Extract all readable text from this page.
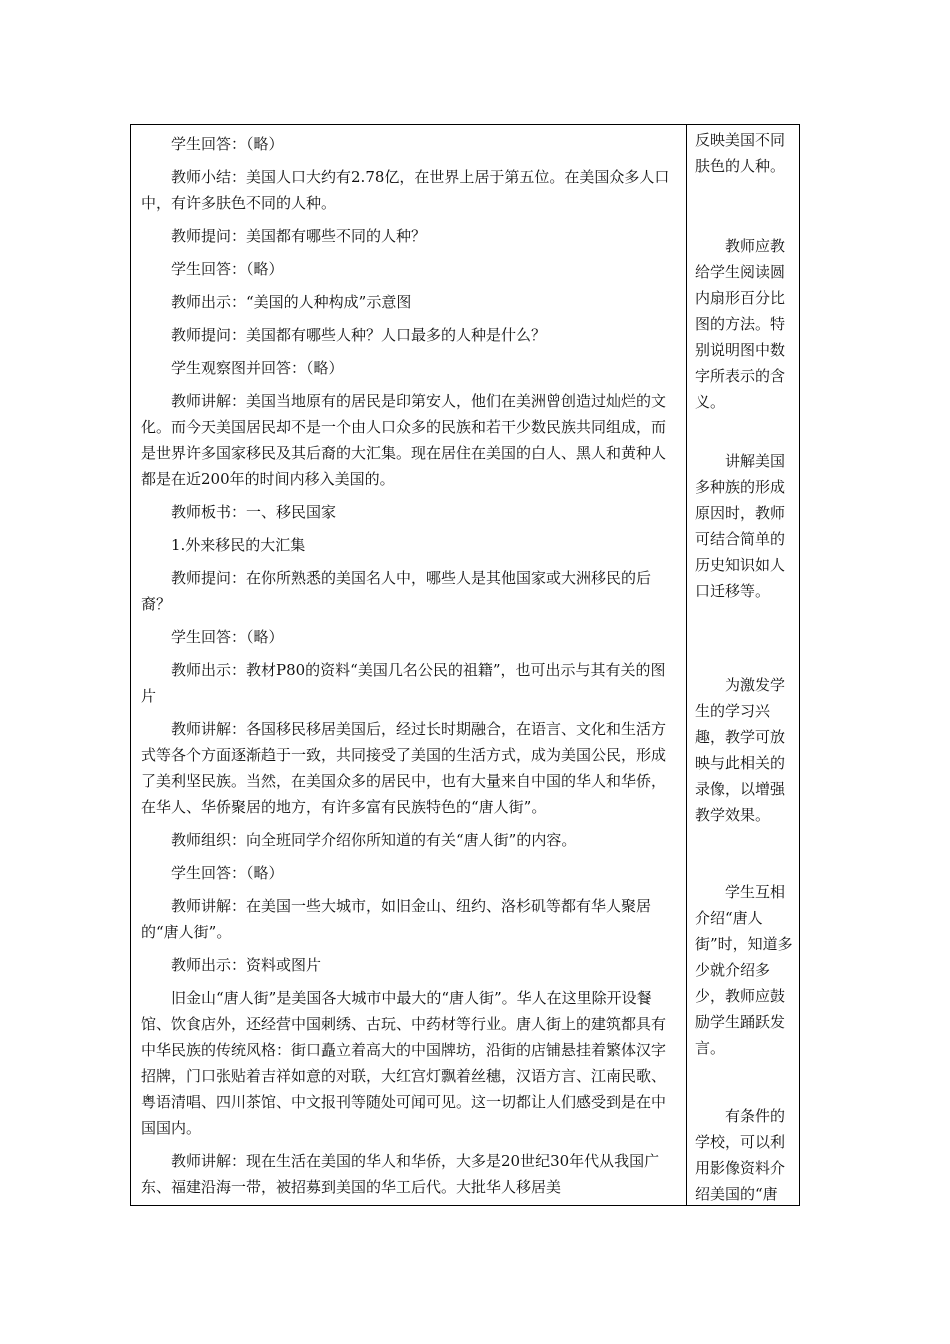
学生回答：（略）

教师小结：美国人口大约有2.78亿，在世界上居于第五位。在美国众多人口中，有许多肤色不同的人种。

教师提问：美国都有哪些不同的人种？

学生回答：（略）

教师出示：“美国的人种构成”示意图

教师提问：美国都有哪些人种？人口最多的人种是什么？

学生观察图并回答：（略）

教师讲解：美国当地原有的居民是印第安人，他们在美洲曾创造过灿烂的文化。而今天美国居民却不是一个由人口众多的民族和若干少数民族共同组成，而是世界许多国家移民及其后裔的大汇集。现在居住在美国的白人、黑人和黄种人都是在近200年的时间内移入美国的。

教师板书：一、移民国家

1.外来移民的大汇集

教师提问：在你所熟悉的美国名人中，哪些人是其他国家或大洲移民的后裔？

学生回答：（略）

教师出示：教材P80的资料“美国几名公民的祖籍”，也可出示与其有关的图片

教师讲解：各国移民移居美国后，经过长时期融合，在语言、文化和生活方式等各个方面逐渐趋于一致，共同接受了美国的生活方式，成为美国公民，形成了美利坚民族。当然，在美国众多的居民中，也有大量来自中国的华人和华侨，在华人、华侨聚居的地方，有许多富有民族特色的“唐人街”。

教师组织：向全班同学介绍你所知道的有关“唐人街”的内容。

学生回答：（略）

教师讲解：在美国一些大城市，如旧金山、纽约、洛杉矶等都有华人聚居的“唐人街”。

教师出示：资料或图片

旧金山“唐人街”是美国各大城市中最大的“唐人街”。华人在这里除开设餐馆、饮食店外，还经营中国刺绣、古玩、中药材等行业。唐人街上的建筑都具有中华民族的传统风格：街口矗立着高大的中国牌坊，沿街的店铺悬挂着繁体汉字招牌，门口张贴着吉祥如意的对联，大红宫灯飘着丝穗，汉语方言、江南民歌、粤语清唱、四川茶馆、中文报刊等随处可闻可见。这一切都让人们感受到是在中国国内。

教师讲解：现在生活在美国的华人和华侨，大多是20世纪30年代从我国广东、福建沿海一带，被招募到美国的华工后代。大批华人移居美

反映美国不同肤色的人种。
教师应教给学生阅读圆内扇形百分比图的方法。特别说明图中数字所表示的含义。
讲解美国多种族的形成原因时，教师可结合简单的历史知识如人口迁移等。
为激发学生的学习兴趣，教学可放映与此相关的录像，以增强教学效果。
学生互相介绍“唐人街”时，知道多少就介绍多少，教师应鼓励学生踊跃发言。
有条件的学校，可以利用影像资料介绍美国的“唐
